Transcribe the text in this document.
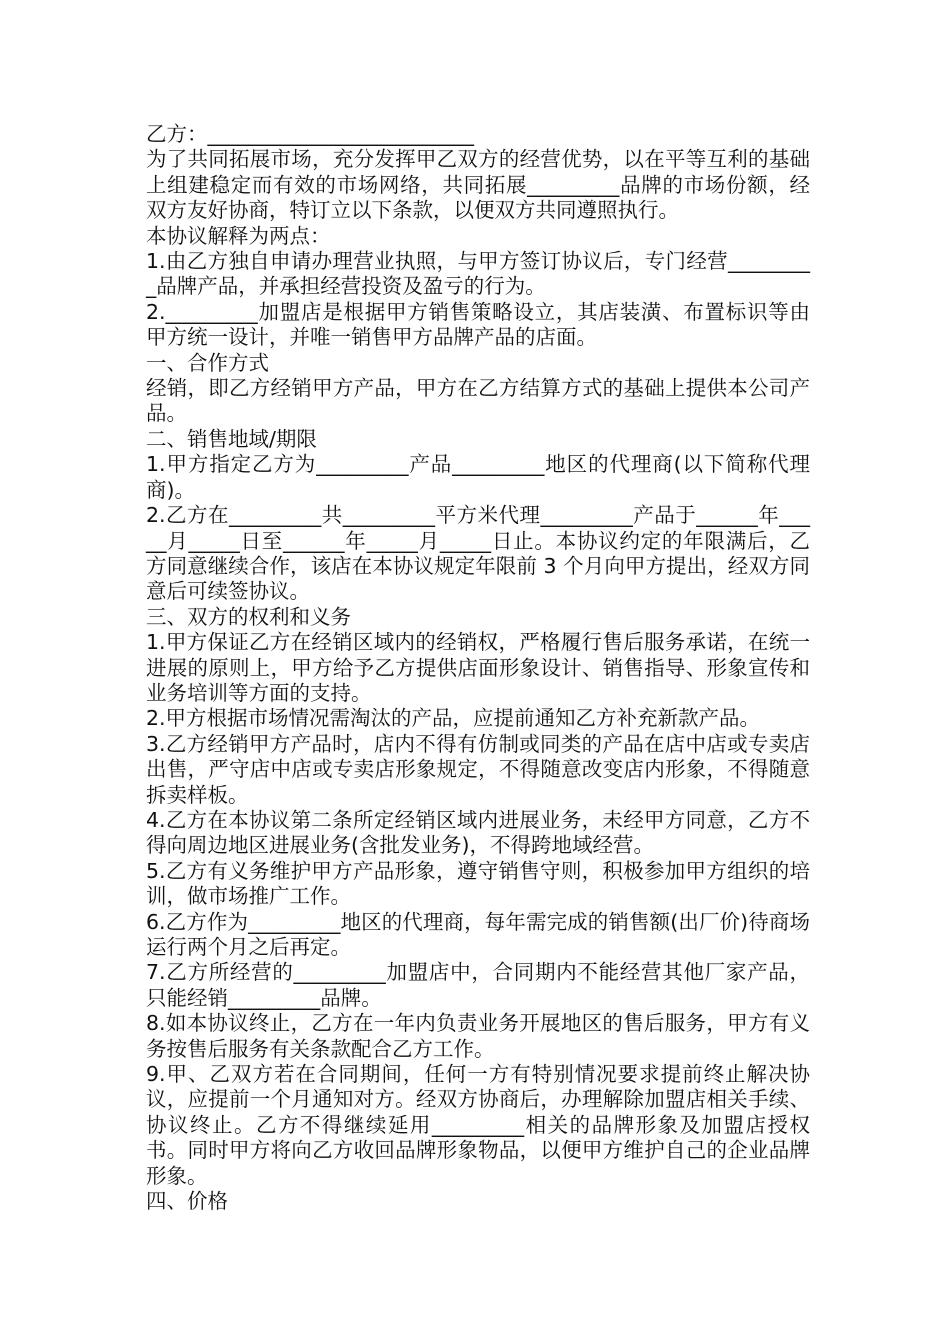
乙方：__________________________

为了共同拓展市场，充分发挥甲乙双方的经营优势，以在平等互利的基础上组建稳定而有效的市场网络，共同拓展_________品牌的市场份额，经双方友好协商，特订立以下条款，以便双方共同遵照执行。

本协议解释为两点：

1.由乙方独自申请办理营业执照，与甲方签订协议后，专门经营_________品牌产品，并承担经营投资及盈亏的行为。

2._________加盟店是根据甲方销售策略设立，其店装潢、布置标识等由甲方统一设计，并唯一销售甲方品牌产品的店面。

一、合作方式

经销，即乙方经销甲方产品，甲方在乙方结算方式的基础上提供本公司产品。

二、销售地域/期限

1.甲方指定乙方为_________产品_________地区的代理商(以下简称代理商)。

2.乙方在_________共_________平方米代理_________产品于______年_____月_____日至______年_____月_____日止。本协议约定的年限满后，乙方同意继续合作，该店在本协议规定年限前 3 个月向甲方提出，经双方同意后可续签协议。

三、双方的权利和义务

1.甲方保证乙方在经销区域内的经销权，严格履行售后服务承诺，在统一进展的原则上，甲方给予乙方提供店面形象设计、销售指导、形象宣传和业务培训等方面的支持。

2.甲方根据市场情况需淘汰的产品，应提前通知乙方补充新款产品。

3.乙方经销甲方产品时，店内不得有仿制或同类的产品在店中店或专卖店出售，严守店中店或专卖店形象规定，不得随意改变店内形象，不得随意拆卖样板。

4.乙方在本协议第二条所定经销区域内进展业务，未经甲方同意，乙方不得向周边地区进展业务(含批发业务)，不得跨地域经营。

5.乙方有义务维护甲方产品形象，遵守销售守则，积极参加甲方组织的培训，做市场推广工作。

6.乙方作为_________地区的代理商，每年需完成的销售额(出厂价)待商场运行两个月之后再定。

7.乙方所经营的_________加盟店中，合同期内不能经营其他厂家产品，只能经销_________品牌。

8.如本协议终止，乙方在一年内负责业务开展地区的售后服务，甲方有义务按售后服务有关条款配合乙方工作。

9.甲、乙双方若在合同期间，任何一方有特别情况要求提前终止解决协议，应提前一个月通知对方。经双方协商后，办理解除加盟店相关手续、协议终止。乙方不得继续延用_________相关的品牌形象及加盟店授权书。同时甲方将向乙方收回品牌形象物品，以便甲方维护自己的企业品牌形象。

四、价格
